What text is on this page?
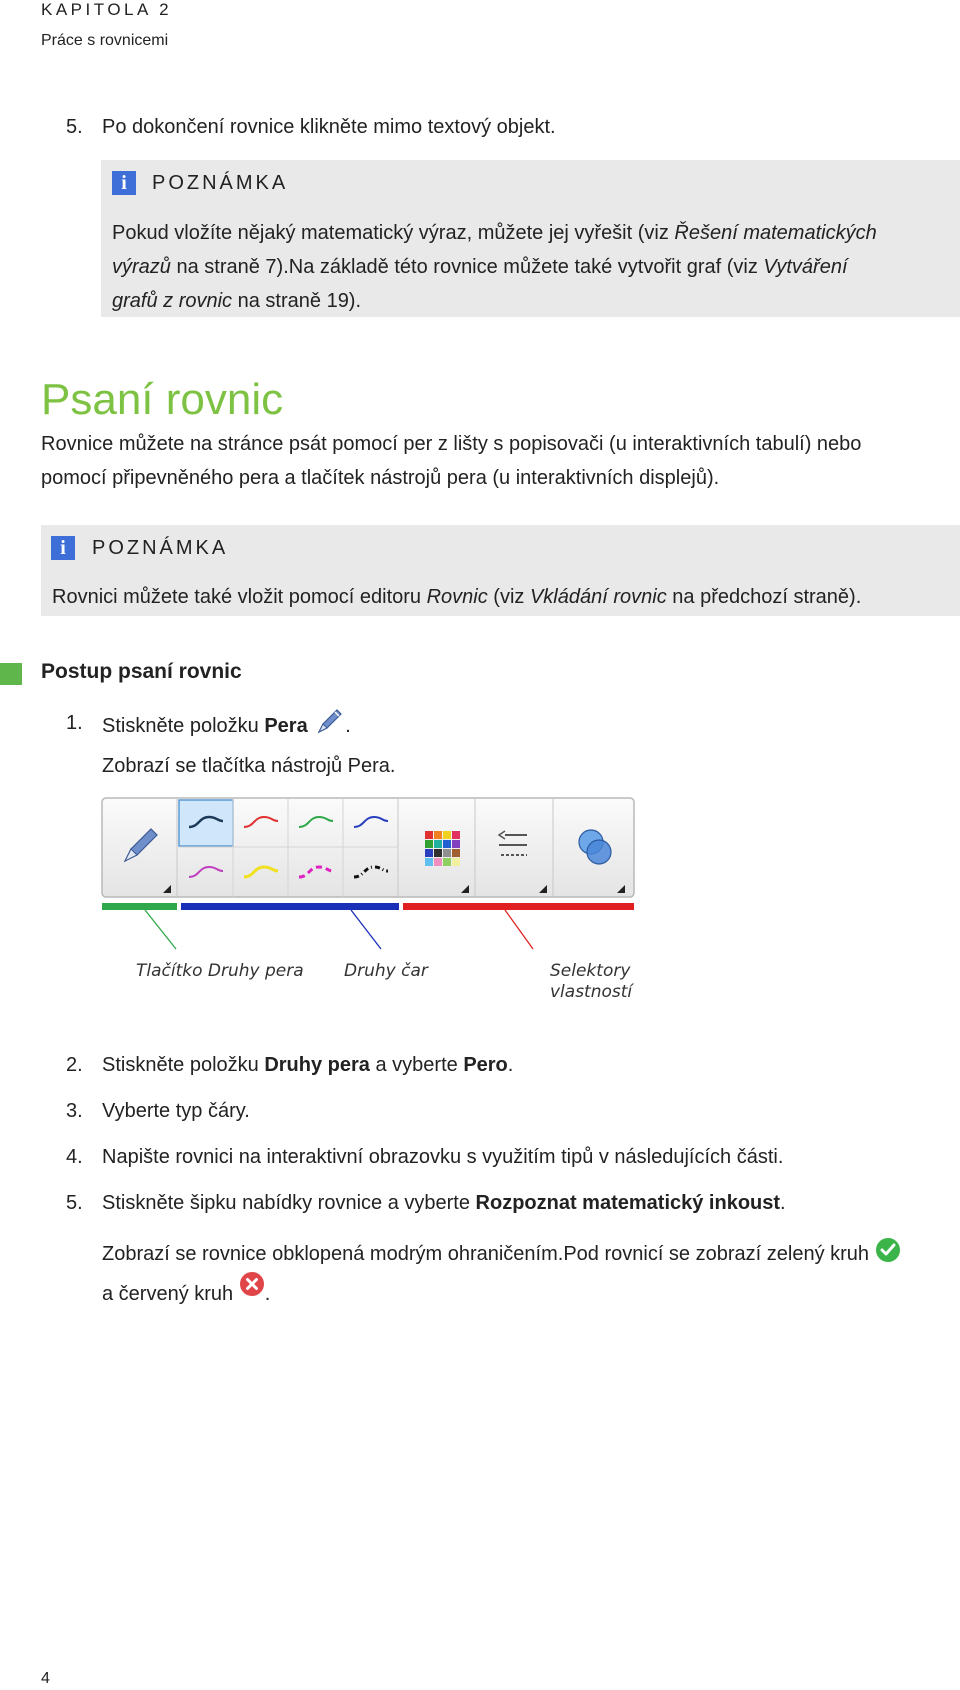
KAPITOLA 2
Práce s rovnicemi
5. Po dokončení rovnice klikněte mimo textový objekt.
i	POZNÁMKA
Pokud vložíte nějaký matematický výraz, můžete jej vyřešit (viz Řešení matematických
výrazů na straně 7).Na základě této rovnice můžete také vytvořit graf (viz Vytváření
grafů z rovnic na straně 19).
Psaní rovnic
Rovnice můžete na stránce psát pomocí per z lišty s popisovači (u interaktivních tabulí) nebo
pomocí připevněného pera a tlačítek nástrojů pera (u interaktivních displejů).
i	POZNÁMKA
Rovnici můžete také vložit pomocí editoru Rovnic (viz Vkládání rovnic na předchozí straně).
Postup psaní rovnic
1. Stiskněte položku Pera .
Zobrazí se tlačítka nástrojů Pera.
Tlačítko Druhy pera Druhy čar	Selektory
vlastností
2. Stiskněte položku Druhy pera a vyberte Pero.
3. Vyberte typ čáry.
4. Napište rovnici na interaktivní obrazovku s využitím tipů v následujících části.
5. Stiskněte šipku nabídky rovnice a vyberte Rozpoznat matematický inkoust.
Zobrazí se rovnice obklopená modrým ohraničením.Pod rovnicí se zobrazí zelený kruh
a červený kruh .
4
